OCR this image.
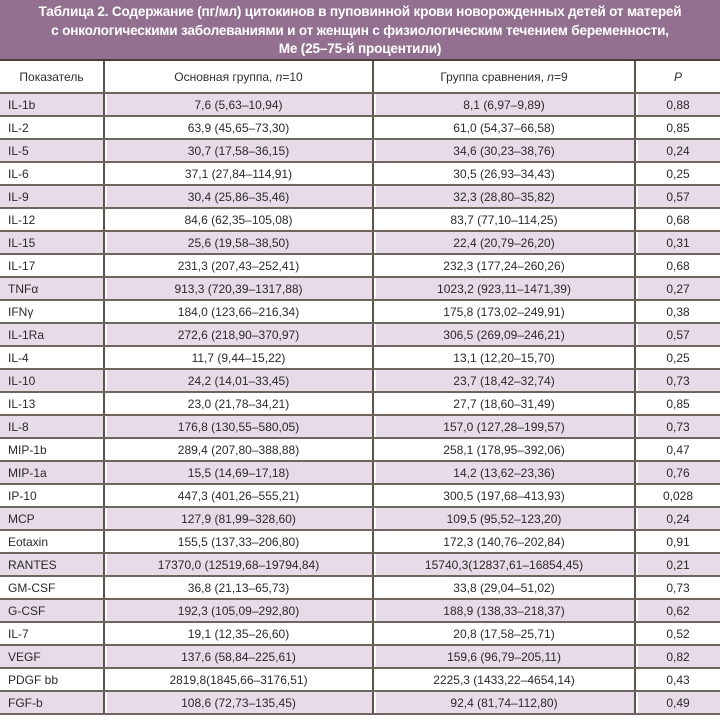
Таблица 2. Содержание (пг/мл) цитокинов в пуповинной крови новорожденных детей от матерей
с онкологическими заболеваниями и от женщин с физиологическим течением беременности,
Ме (25–75-й процентили)
Показатель	Основная группа, n=10	Группа сравнения, n=9	P
IL-1b	7,6 (5,63–10,94)	8,1 (6,97–9,89)	0,88
IL-2	63,9 (45,65–73,30)	61,0 (54,37–66,58)	0,85
IL-5	30,7 (17,58–36,15)	34,6 (30,23–38,76)	0,24
IL-6	37,1 (27,84–114,91)	30,5 (26,93–34,43)	0,25
IL-9	30,4 (25,86–35,46)	32,3 (28,80–35,82)	0,57
IL-12	84,6 (62,35–105,08)	83,7 (77,10–114,25)	0,68
IL-15	25,6 (19,58–38,50)	22,4 (20,79–26,20)	0,31
IL-17	231,3 (207,43–252,41)	232,3 (177,24–260,26)	0,68
TNFα	913,3 (720,39–1317,88)	1023,2 (923,11–1471,39)	0,27
IFNγ	184,0 (123,66–216,34)	175,8 (173,02–249,91)	0,38
IL-1Ra	272,6 (218,90–370,97)	306,5 (269,09–246,21)	0,57
IL-4	11,7 (9,44–15,22)	13,1 (12,20–15,70)	0,25
IL-10	24,2 (14,01–33,45)	23,7 (18,42–32,74)	0,73
IL-13	23,0 (21,78–34,21)	27,7 (18,60–31,49)	0,85
IL-8	176,8 (130,55–580,05)	157,0 (127,28–199,57)	0,73
MIP-1b	289,4 (207,80–388,88)	258,1 (178,95–392,06)	0,47
MIP-1a	15,5 (14,69–17,18)	14,2 (13,62–23,36)	0,76
IP-10	447,3 (401,26–555,21)	300,5 (197,68–413,93)	0,028
MCP	127,9 (81,99–328,60)	109,5 (95,52–123,20)	0,24
Eotaxin	155,5 (137,33–206,80)	172,3 (140,76–202,84)	0,91
RANTES	17370,0 (12519,68–19794,84)	15740,3(12837,61–16854,45)	0,21
GM-CSF	36,8 (21,13–65,73)	33,8 (29,04–51,02)	0,73
G-CSF	192,3 (105,09–292,80)	188,9 (138,33–218,37)	0,62
IL-7	19,1 (12,35–26,60)	20,8 (17,58–25,71)	0,52
VEGF	137,6 (58,84–225,61)	159,6 (96,79–205,11)	0,82
PDGF bb	2819,8(1845,66–3176,51)	2225,3 (1433,22–4654,14)	0,43
FGF-b	108,6 (72,73–135,45)	92,4 (81,74–112,80)	0,49
